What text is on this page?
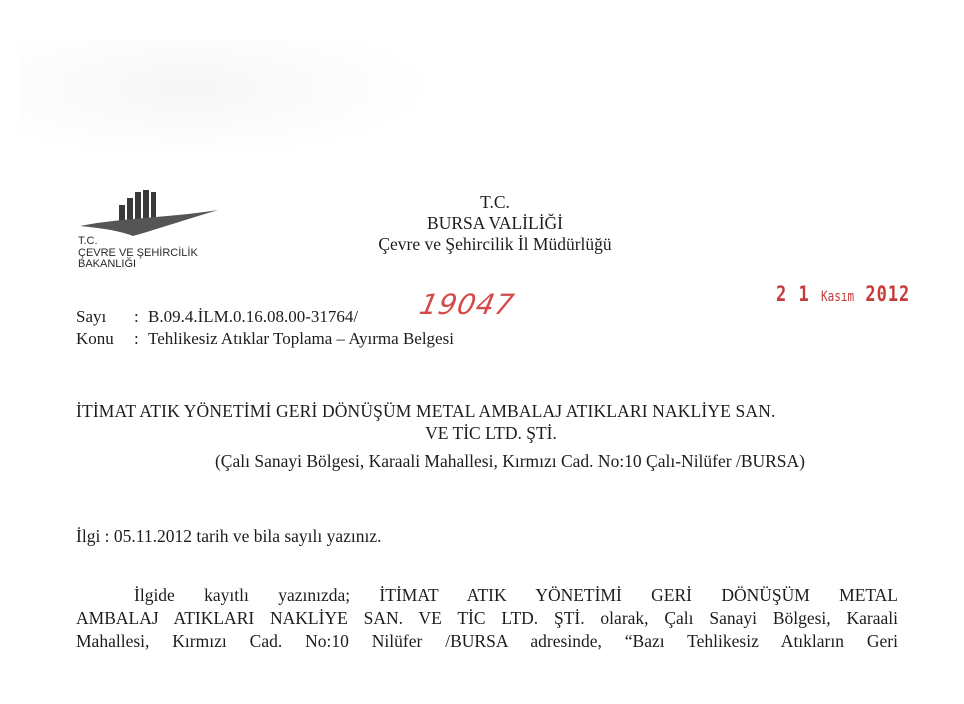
T.C.
ÇEVRE VE ŞEHİRCİLİK
BAKANLIĞI
T.C.
BURSA VALİLİĞİ
Çevre ve Şehircilik İl Müdürlüğü
19047	2 1 Kasım 2012
Sayı	: B.09.4.İLM.0.16.08.00-31764/
Konu	: Tehlikesiz Atıklar Toplama – Ayırma Belgesi
İTİMAT ATIK YÖNETİMİ GERİ DÖNÜŞÜM METAL AMBALAJ ATIKLARI NAKLİYE SAN.
VE TİC LTD. ŞTİ.
(Çalı Sanayi Bölgesi, Karaali Mahallesi, Kırmızı Cad. No:10 Çalı-Nilüfer /BURSA)
İlgi : 05.11.2012 tarih ve bila sayılı yazınız.
İlgide kayıtlı yazınızda; İTİMAT ATIK YÖNETİMİ GERİ DÖNÜŞÜM METAL
AMBALAJ ATIKLARI NAKLİYE SAN. VE TİC LTD. ŞTİ. olarak, Çalı Sanayi Bölgesi, Karaali
Mahallesi, Kırmızı Cad. No:10 Nilüfer /BURSA adresinde, “Bazı Tehlikesiz Atıkların Geri
